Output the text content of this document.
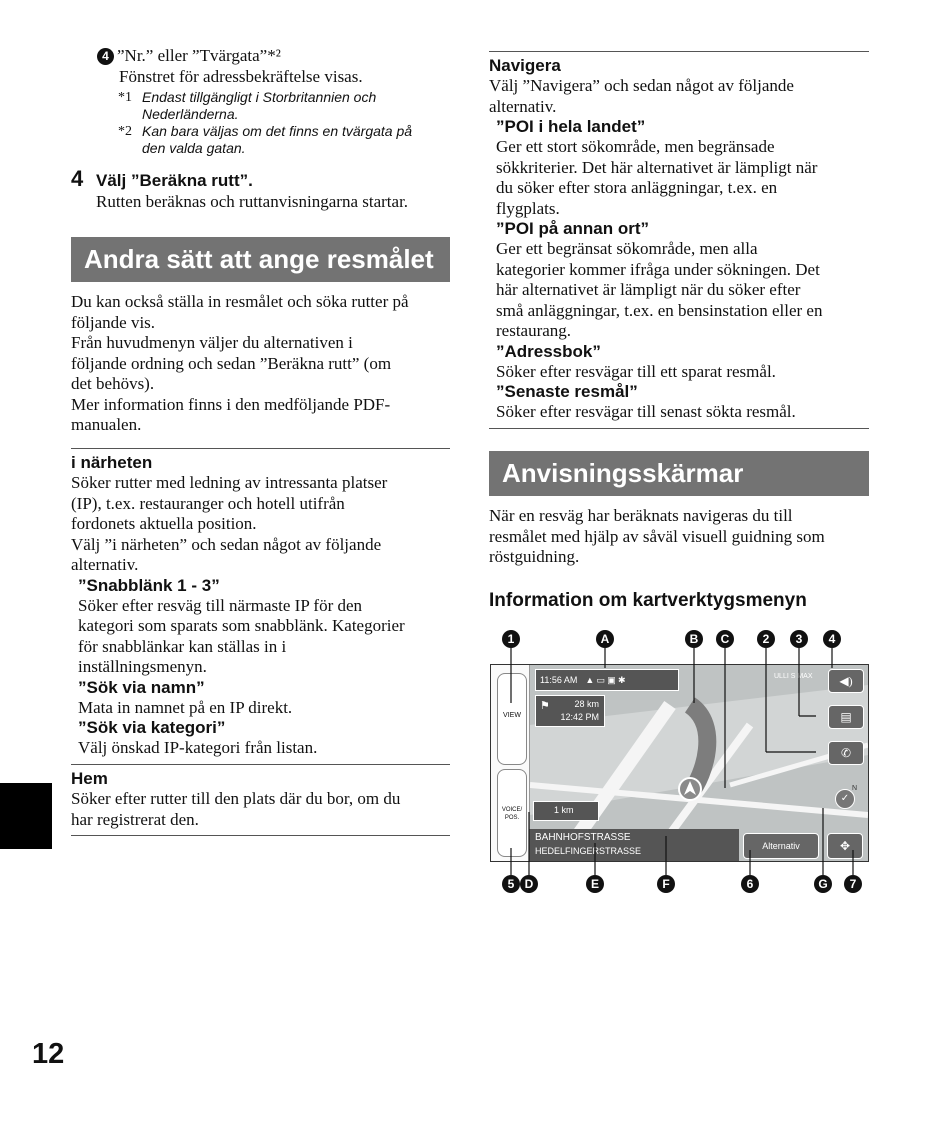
4 ”Nr.” eller ”Tvärgata”*²
Fönstret för adressbekräftelse visas.
*1 Endast tillgängligt i Storbritannien och
Nederländerna.
*2 Kan bara väljas om det finns en tvärgata på
den valda gatan.
4 Välj ”Beräkna rutt”.
Rutten beräknas och ruttanvisningarna startar.
Andra sätt att ange resmålet
Du kan också ställa in resmålet och söka rutter på
följande vis.
Från huvudmenyn väljer du alternativen i
följande ordning och sedan ”Beräkna rutt” (om
det behövs).
Mer information finns i den medföljande PDF-
manualen.
i närheten
Söker rutter med ledning av intressanta platser
(IP), t.ex. restauranger och hotell utifrån
fordonets aktuella position.
Välj ”i närheten” och sedan något av följande
alternativ.
”Snabblänk 1 - 3”
Söker efter resväg till närmaste IP för den
kategori som sparats som snabblänk. Kategorier
för snabblänkar kan ställas in i
inställningsmenyn.
”Sök via namn”
Mata in namnet på en IP direkt.
”Sök via kategori”
Välj önskad IP-kategori från listan.
Hem
Söker efter rutter till den plats där du bor, om du
har registrerat den.
12
Navigera
Välj ”Navigera” och sedan något av följande
alternativ.
”POI i hela landet”
Ger ett stort sökområde, men begränsade
sökkriterier. Det här alternativet är lämpligt när
du söker efter stora anläggningar, t.ex. en
flygplats.
”POI på annan ort”
Ger ett begränsat sökområde, men alla
kategorier kommer ifråga under sökningen. Det
här alternativet är lämpligt när du söker efter
små anläggningar, t.ex. en bensinstation eller en
restaurang.
”Adressbok”
Söker efter resvägar till ett sparat resmål.
”Senaste resmål”
Söker efter resvägar till senast sökta resmål.
Anvisningsskärmar
När en resväg har beräknats navigeras du till
resmålet med hjälp av såväl visuell guidning som
röstguidning.
Information om kartverktygsmenyn
1	A	B	C	2	3	4
5 D	E	F	6	G	7
VIEW
VOICE/
POS.
11:56 AM ▲ ▭ ▣ ✱
⚑	28 km
12:42 PM
ULLI S MAX
N
◀)
▤
✆
✓
1 km
BAHNHOFSTRASSE
HEDELFINGERSTRASSE	Alternativ	✥
